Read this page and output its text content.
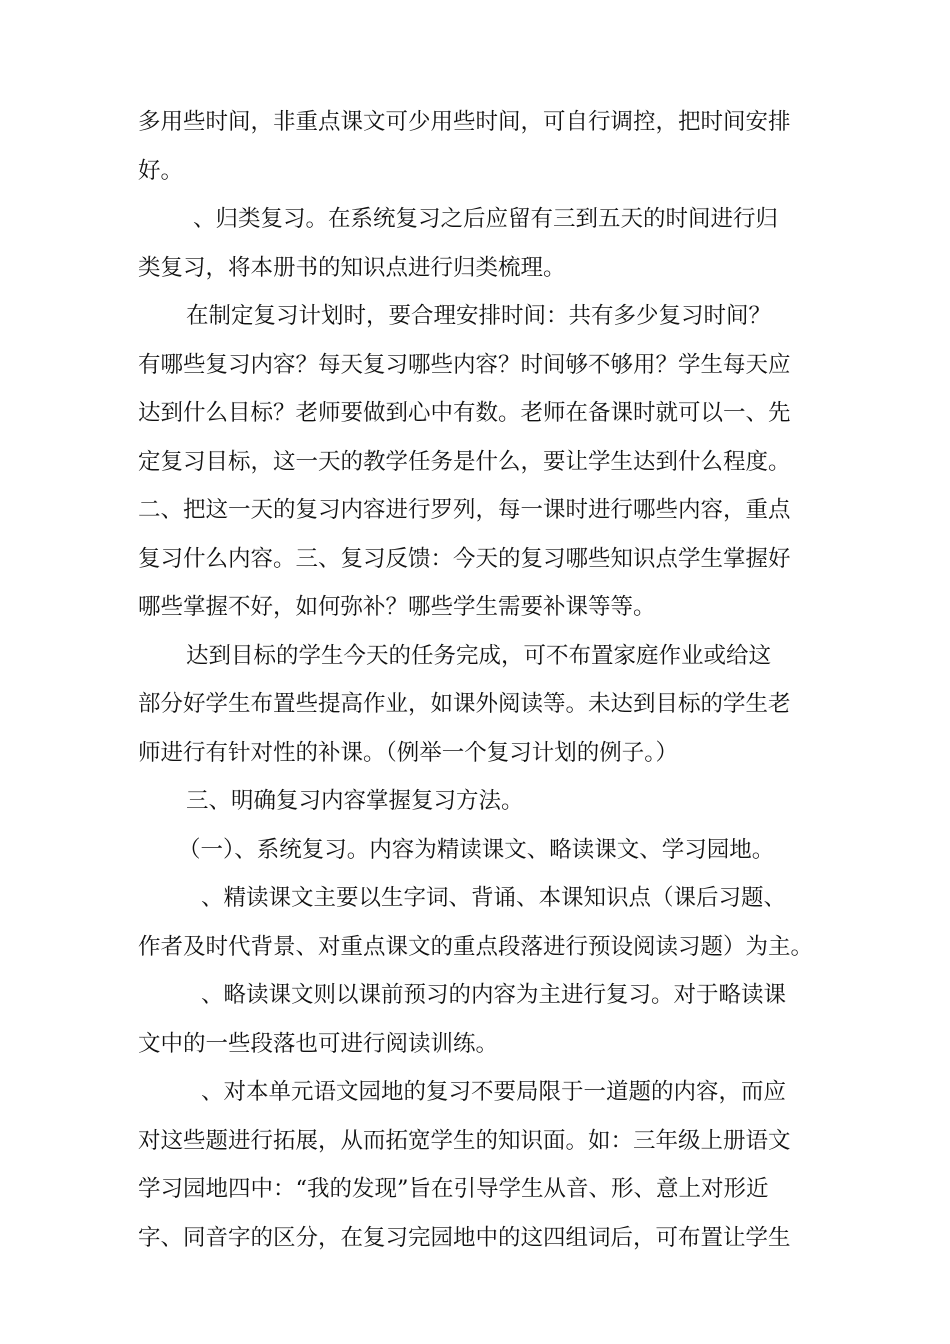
多用些时间，非重点课文可少用些时间，可自行调控，把时间安排
好。
、归类复习。在系统复习之后应留有三到五天的时间进行归
类复习，将本册书的知识点进行归类梳理。
在制定复习计划时，要合理安排时间：共有多少复习时间？
有哪些复习内容？每天复习哪些内容？时间够不够用？学生每天应
达到什么目标？老师要做到心中有数。老师在备课时就可以一、先
定复习目标，这一天的教学任务是什么，要让学生达到什么程度。
二、把这一天的复习内容进行罗列，每一课时进行哪些内容，重点
复习什么内容。三、复习反馈：今天的复习哪些知识点学生掌握好
哪些掌握不好，如何弥补？哪些学生需要补课等等。
达到目标的学生今天的任务完成，可不布置家庭作业或给这
部分好学生布置些提高作业，如课外阅读等。未达到目标的学生老
师进行有针对性的补课。（例举一个复习计划的例子。）
三、明确复习内容掌握复习方法。
（一）、系统复习。内容为精读课文、略读课文、学习园地。
、精读课文主要以生字词、背诵、本课知识点（课后习题、
作者及时代背景、对重点课文的重点段落进行预设阅读习题）为主。
、略读课文则以课前预习的内容为主进行复习。对于略读课
文中的一些段落也可进行阅读训练。
、对本单元语文园地的复习不要局限于一道题的内容，而应
对这些题进行拓展，从而拓宽学生的知识面。如：三年级上册语文
学习园地四中：“我的发现”旨在引导学生从音、形、意上对形近
字、同音字的区分，在复习完园地中的这四组词后，可布置让学生
